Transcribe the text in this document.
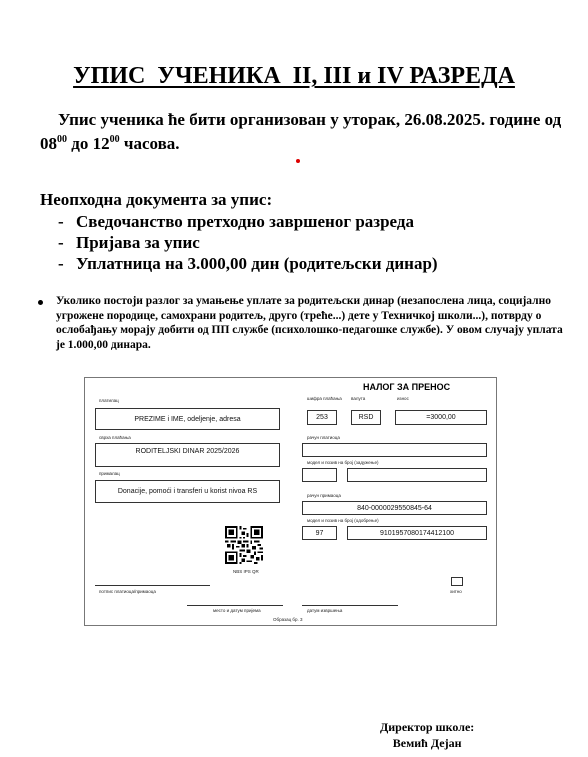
УПИС  УЧЕНИКА  II, III и IV РАЗРЕДА
Упис ученика ће бити организован у уторак, 26.08.2025. године од $08^{00}$ до $12^{00}$ часова.
Неопходна документа за упис:
- Сведочанство претходно завршеног разреда
- Пријава за упис
- Уплатница на 3.000,00 дин (родитељски динар)
Уколико постоји разлог за умањење уплате за родитељски динар (незапослена лица, социјално угрожене породице, самохрани родитељ, друго (треће...) дете у Техничкој школи...), потврду о ослобађању морају добити од ПП службе (психолошко-педагошке службе). У овом случају уплата је 1.000,00 динара.
НАЛОГ ЗА ПРЕНОС
платилац
PREZIME i IME, odeljenje, adresa
сврха плаћања
RODITELJSKI DINAR 2025/2026
прималац
Donacije, pomoći i transferi u korist nivoa RS
NBS IPS QR
шифра плаћања валута	износ
253	RSD	=3000,00
рачун платиоца
модел и позив на број (задужење)
рачун примаоца
840-0000029550845-64
модел и позив на број (одобрење)
97	9101957080174412100
хитно
потпис платиоца/примаоца
место и датум пријема	датум извршења
Образац бр. 3
Директор школе:
Вемић Дејан
